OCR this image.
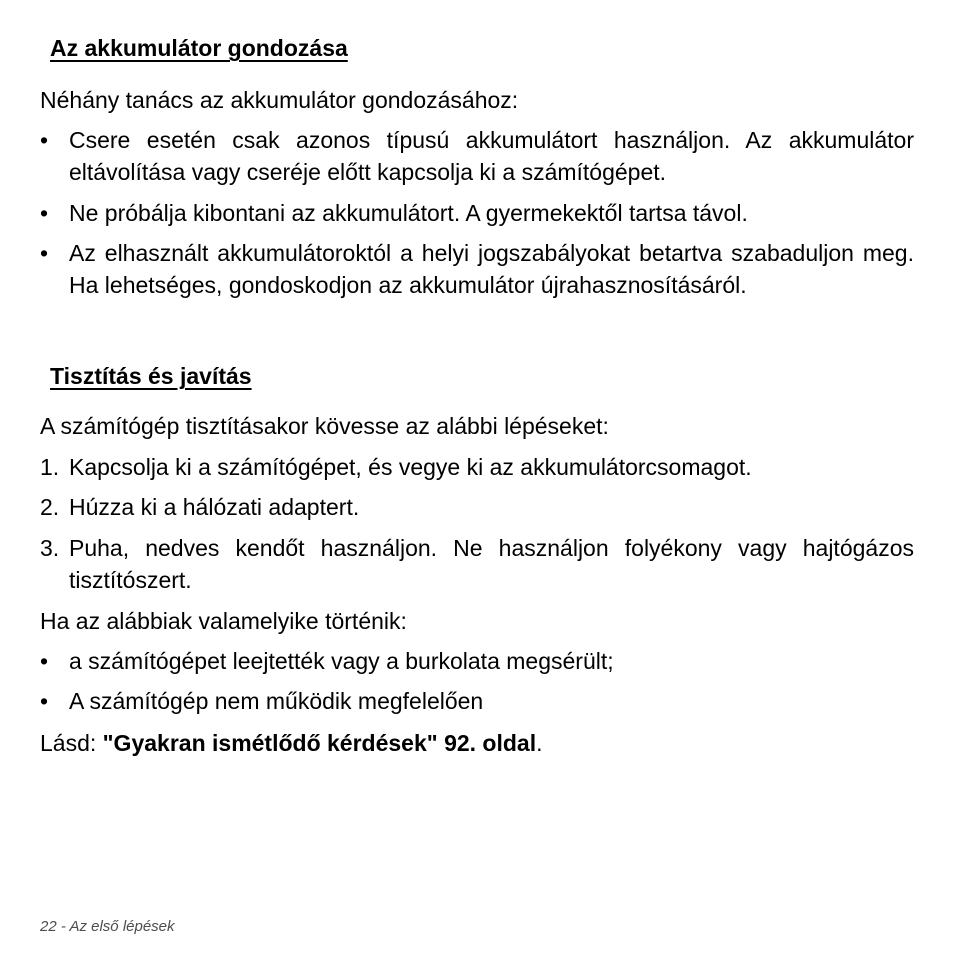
Az akkumulátor gondozása

Néhány tanács az akkumulátor gondozásához:

• Csere esetén csak azonos típusú akkumulátort használjon. Az akkumulátor eltávolítása vagy cseréje előtt kapcsolja ki a számítógépet.
• Ne próbálja kibontani az akkumulátort. A gyermekektől tartsa távol.
• Az elhasznált akkumulátoroktól a helyi jogszabályokat betartva szabaduljon meg. Ha lehetséges, gondoskodjon az akkumulátor újrahasznosításáról.
Tisztítás és javítás

A számítógép tisztításakor kövesse az alábbi lépéseket:

1. Kapcsolja ki a számítógépet, és vegye ki az akkumulátorcsomagot.
2. Húzza ki a hálózati adaptert.
3. Puha, nedves kendőt használjon. Ne használjon folyékony vagy hajtógázos tisztítószert.

Ha az alábbiak valamelyike történik:

• a számítógépet leejtették vagy a burkolata megsérült;
• A számítógép nem működik megfelelően

Lásd: "Gyakran ismétlődő kérdések" 92. oldal.

22 - Az első lépések
